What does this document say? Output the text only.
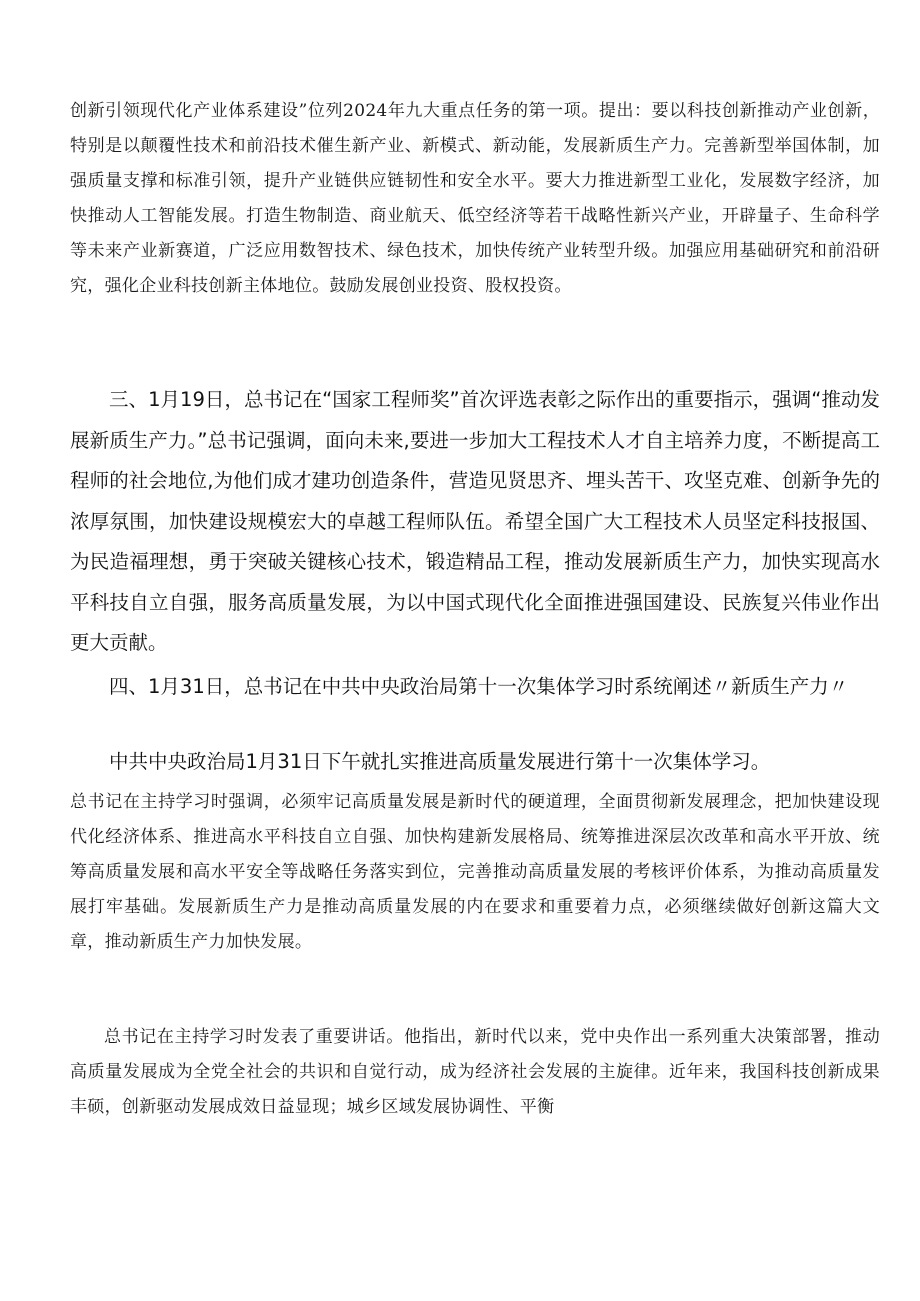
创新引领现代化产业体系建设”位列2024年九大重点任务的第一项。提出：要以科技创新推动产业创新，特别是以颠覆性技术和前沿技术催生新产业、新模式、新动能，发展新质生产力。完善新型举国体制，加强质量支撑和标准引领，提升产业链供应链韧性和安全水平。要大力推进新型工业化，发展数字经济，加快推动人工智能发展。打造生物制造、商业航天、低空经济等若干战略性新兴产业，开辟量子、生命科学等未来产业新赛道，广泛应用数智技术、绿色技术，加快传统产业转型升级。加强应用基础研究和前沿研究，强化企业科技创新主体地位。鼓励发展创业投资、股权投资。

三、1月19日，总书记在“国家工程师奖”首次评选表彰之际作出的重要指示，强调“推动发展新质生产力。”总书记强调，面向未来,要进一步加大工程技术人才自主培养力度，不断提高工程师的社会地位,为他们成才建功创造条件，营造见贤思齐、埋头苦干、攻坚克难、创新争先的浓厚氛围，加快建设规模宏大的卓越工程师队伍。希望全国广大工程技术人员坚定科技报国、为民造福理想，勇于突破关键核心技术，锻造精品工程，推动发展新质生产力，加快实现高水平科技自立自强，服务高质量发展，为以中国式现代化全面推进强国建设、民族复兴伟业作出更大贡献。

四、1月31日，总书记在中共中央政治局第十一次集体学习时系统阐述〃新质生产力〃

中共中央政治局1月31日下午就扎实推进高质量发展进行第十一次集体学习。

总书记在主持学习时强调，必须牢记高质量发展是新时代的硬道理，全面贯彻新发展理念，把加快建设现代化经济体系、推进高水平科技自立自强、加快构建新发展格局、统筹推进深层次改革和高水平开放、统筹高质量发展和高水平安全等战略任务落实到位，完善推动高质量发展的考核评价体系，为推动高质量发展打牢基础。发展新质生产力是推动高质量发展的内在要求和重要着力点，必须继续做好创新这篇大文章，推动新质生产力加快发展。

总书记在主持学习时发表了重要讲话。他指出，新时代以来，党中央作出一系列重大决策部署，推动高质量发展成为全党全社会的共识和自觉行动，成为经济社会发展的主旋律。近年来，我国科技创新成果丰硕，创新驱动发展成效日益显现；城乡区域发展协调性、平衡
